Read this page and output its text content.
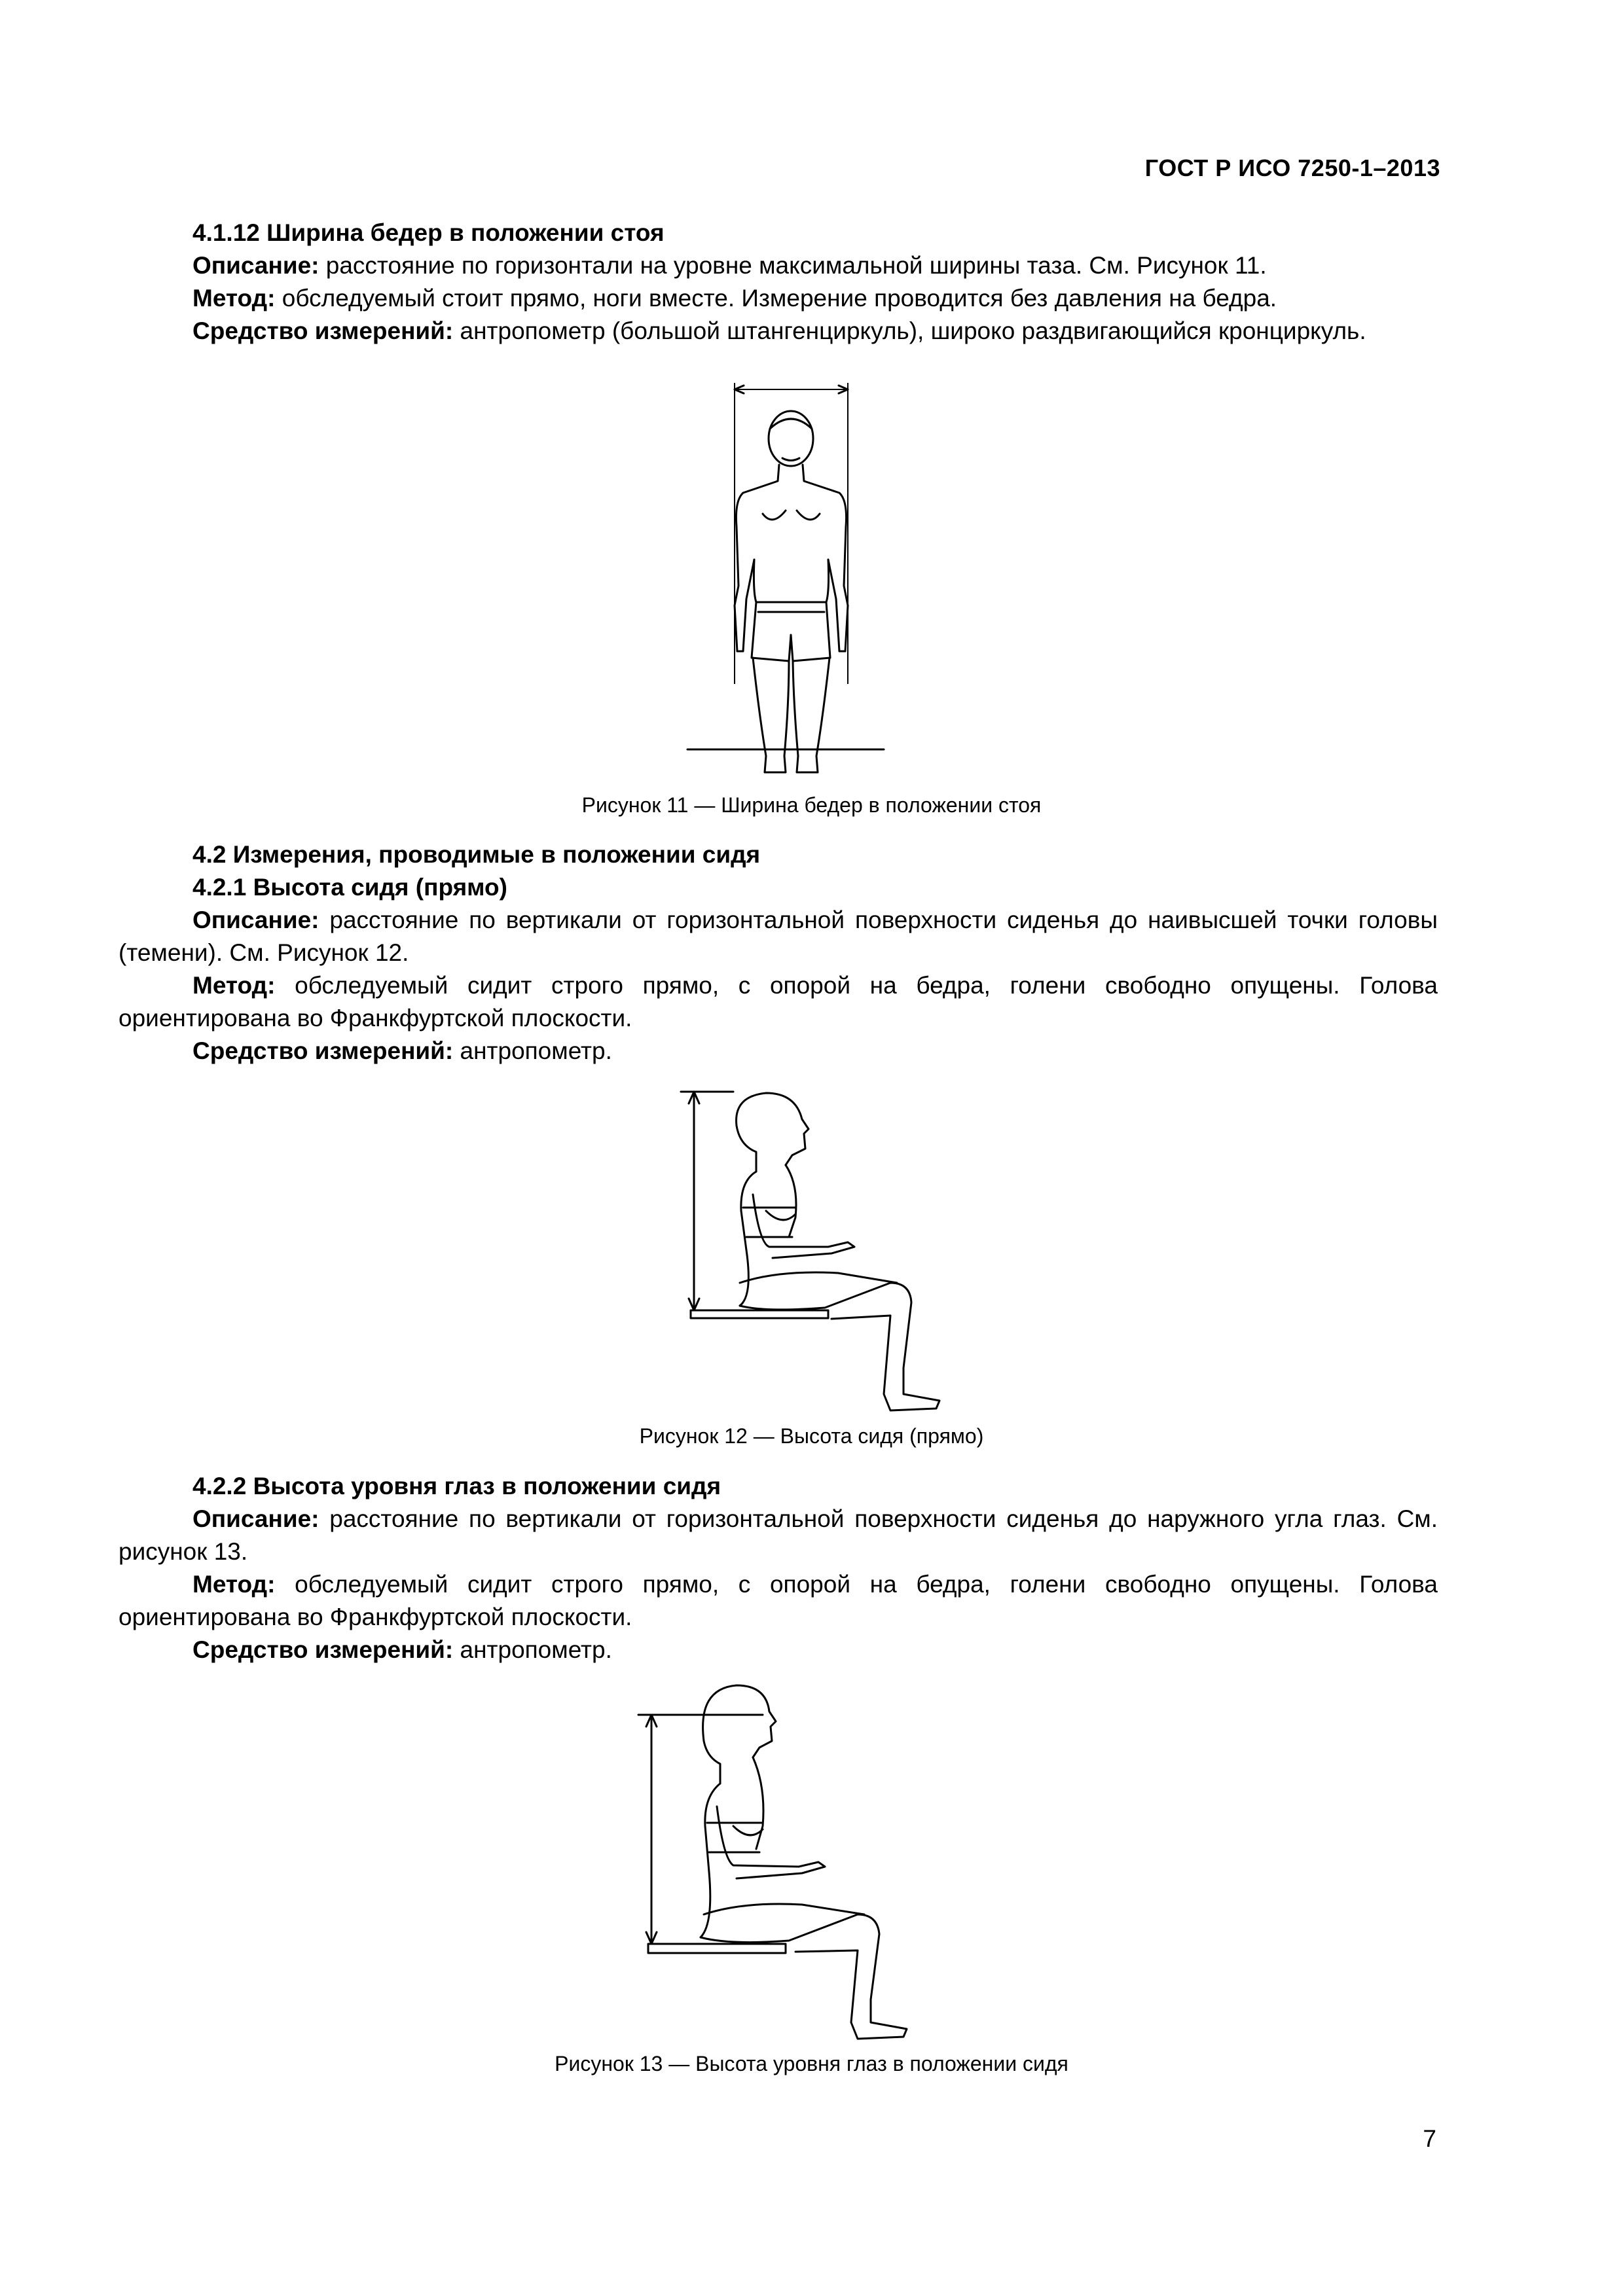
ГОСТ Р ИСО 7250-1–2013
4.1.12 Ширина бедер в положении стоя
Описание: расстояние по горизонтали на уровне максимальной ширины таза. См. Рисунок 11.
Метод: обследуемый стоит прямо, ноги вместе. Измерение проводится без давления на бедра.
Средство измерений: антропометр (большой штангенциркуль), широко раздвигающийся кронциркуль.
Рисунок 11 — Ширина бедер в положении стоя
4.2 Измерения, проводимые в положении сидя
4.2.1 Высота сидя (прямо)
Описание: расстояние по вертикали от горизонтальной поверхности сиденья до наивысшей точки головы (темени). См. Рисунок 12.
Метод: обследуемый сидит строго прямо, с опорой на бедра, голени свободно опущены. Голова ориентирована во Франкфуртской плоскости.
Средство измерений: антропометр.
Рисунок 12 — Высота сидя (прямо)
4.2.2 Высота уровня глаз в положении сидя
Описание: расстояние по вертикали от горизонтальной поверхности сиденья до наружного угла глаз. См. рисунок 13.
Метод: обследуемый сидит строго прямо, с опорой на бедра, голени свободно опущены. Голова ориентирована во Франкфуртской плоскости.
Средство измерений: антропометр.
Рисунок 13 — Высота уровня глаз в положении сидя
7
